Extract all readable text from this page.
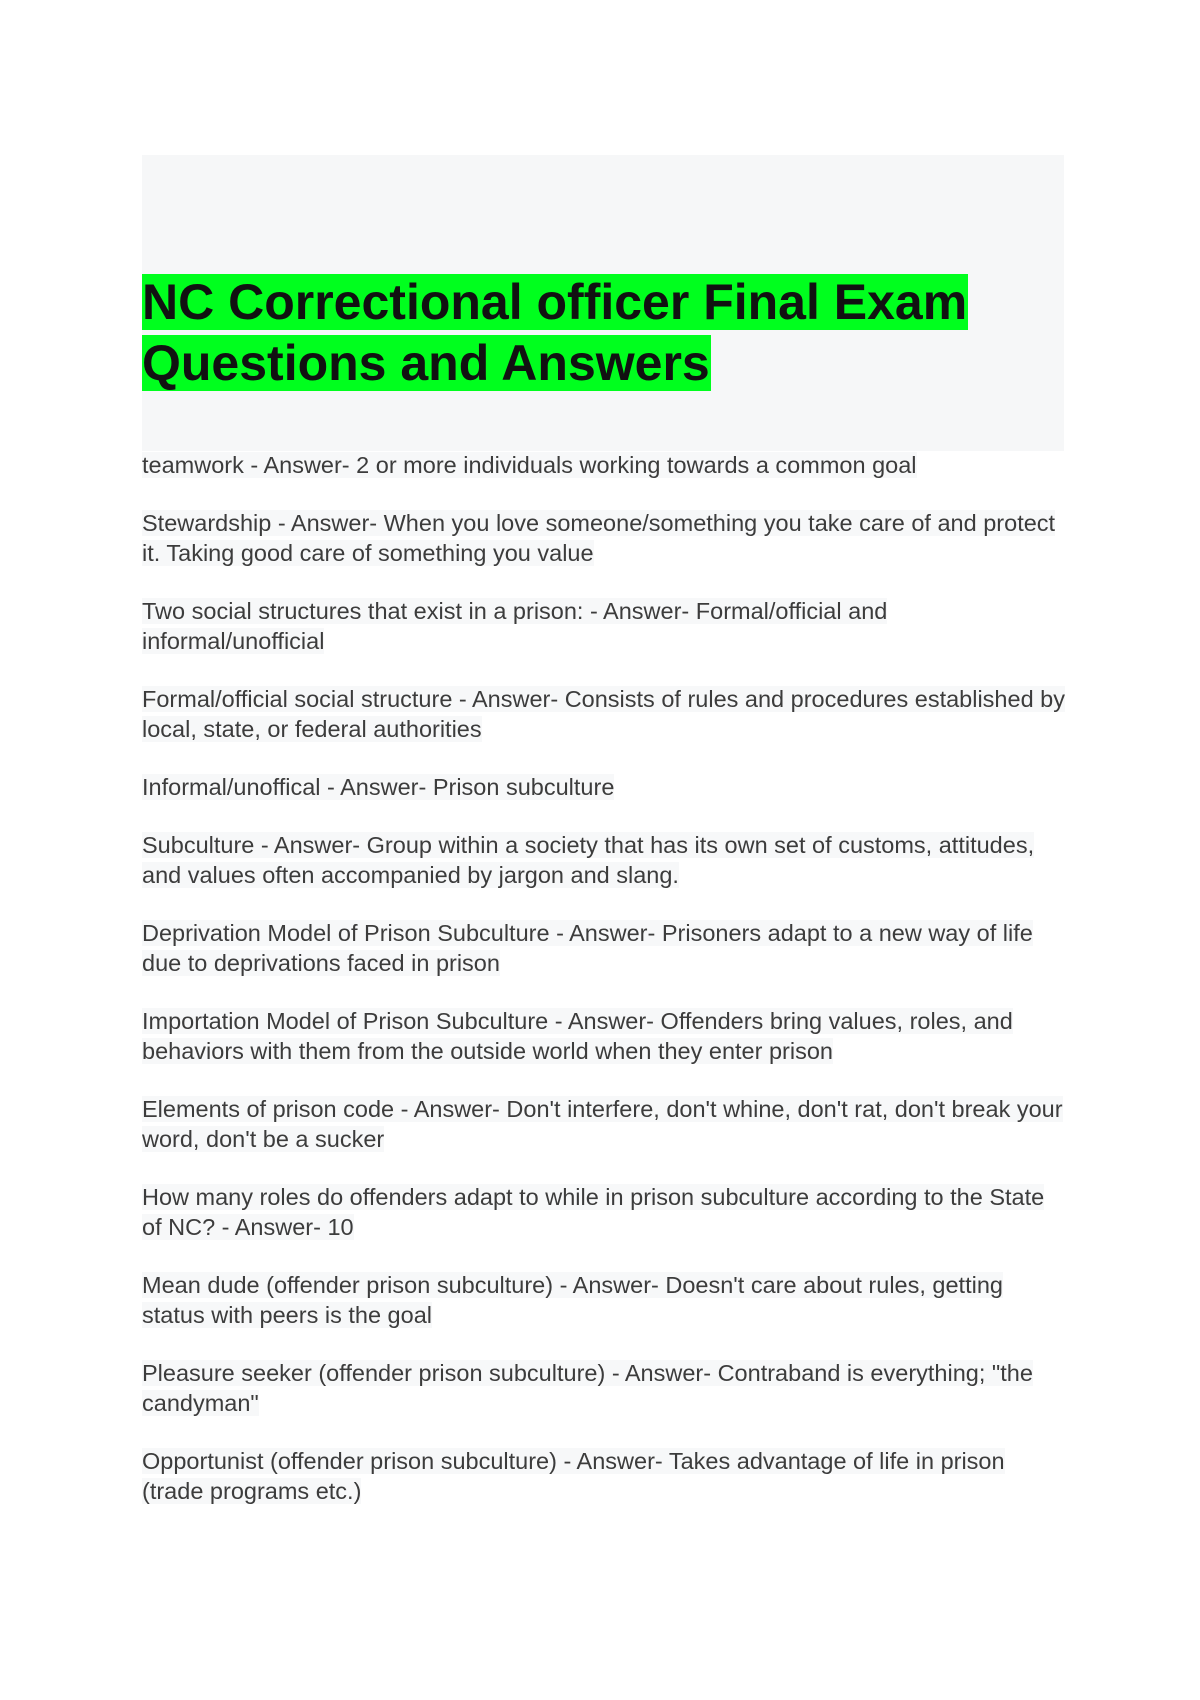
NC Correctional officer Final Exam
Questions and Answers
teamwork - Answer- 2 or more individuals working towards a common goal
Stewardship - Answer- When you love someone/something you take care of and protect it. Taking good care of something you value
Two social structures that exist in a prison: - Answer- Formal/official and informal/unofficial
Formal/official social structure - Answer- Consists of rules and procedures established by local, state, or federal authorities
Informal/unoffical - Answer- Prison subculture
Subculture - Answer- Group within a society that has its own set of customs, attitudes, and values often accompanied by jargon and slang.
Deprivation Model of Prison Subculture - Answer- Prisoners adapt to a new way of life due to deprivations faced in prison
Importation Model of Prison Subculture - Answer- Offenders bring values, roles, and behaviors with them from the outside world when they enter prison
Elements of prison code - Answer- Don't interfere, don't whine, don't rat, don't break your word, don't be a sucker
How many roles do offenders adapt to while in prison subculture according to the State of NC? - Answer- 10
Mean dude (offender prison subculture) - Answer- Doesn't care about rules, getting status with peers is the goal
Pleasure seeker (offender prison subculture) - Answer- Contraband is everything; "the candyman"
Opportunist (offender prison subculture) - Answer- Takes advantage of life in prison (trade programs etc.)
